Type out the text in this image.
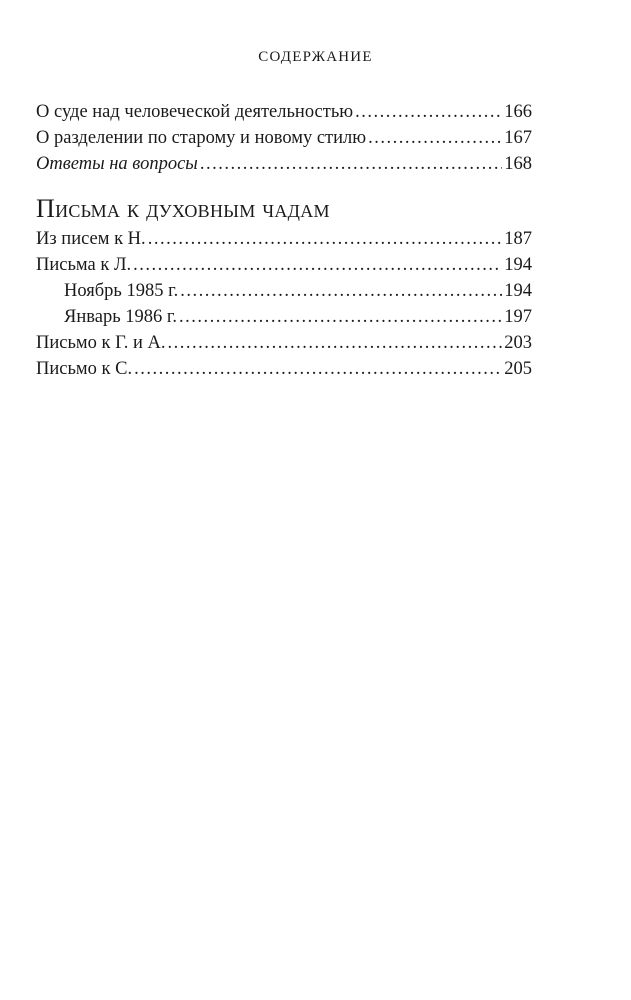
СОДЕРЖАНИЕ
О суде над человеческой деятельностью .....	166
О разделении по старому и новому стилю .....	167
Ответы на вопросы .....	168
Письма к духовным чадам
Из писем к Н. .....	187
Письма к Л. .....	194
Ноябрь 1985 г. .....	194
Январь 1986 г. .....	197
Письмо к Г. и А. .....	203
Письмо к С. .....	205
